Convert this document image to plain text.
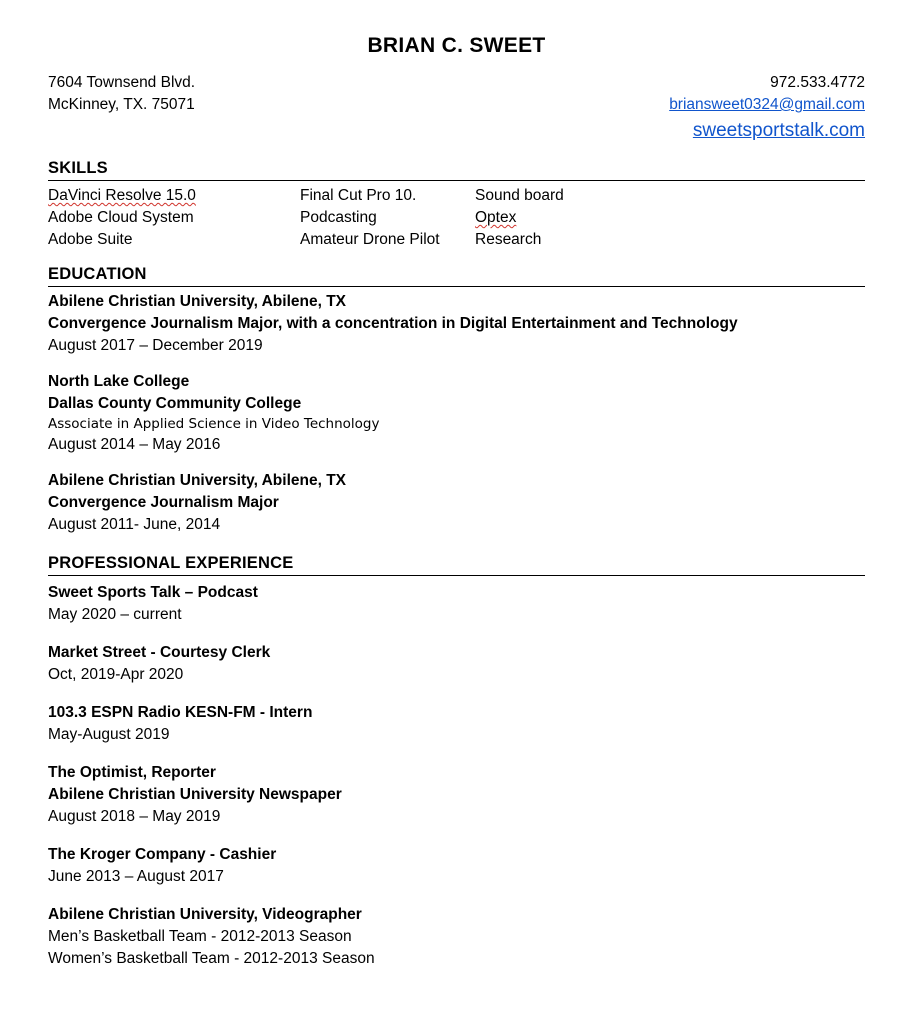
BRIAN C. SWEET
7604 Townsend Blvd.
McKinney, TX. 75071
972.533.4772
briansweet0324@gmail.com
sweetsportstalk.com
SKILLS
DaVinci Resolve 15.0	Final Cut Pro 10.	Sound board
Adobe Cloud System	Podcasting	Optex
Adobe Suite	Amateur Drone Pilot	Research
EDUCATION
Abilene Christian University, Abilene, TX
Convergence Journalism Major, with a concentration in Digital Entertainment and Technology
August 2017 – December 2019
North Lake College
Dallas County Community College
Associate in Applied Science in Video Technology
August 2014 – May 2016
Abilene Christian University, Abilene, TX
Convergence Journalism Major
August 2011- June, 2014
PROFESSIONAL EXPERIENCE
Sweet Sports Talk – Podcast
May 2020 – current
Market Street - Courtesy Clerk
Oct, 2019-Apr 2020
103.3 ESPN Radio KESN-FM - Intern
May-August 2019
The Optimist, Reporter
Abilene Christian University Newspaper
August 2018 – May 2019
The Kroger Company - Cashier
June 2013 – August 2017
Abilene Christian University, Videographer
Men’s Basketball Team - 2012-2013 Season
Women’s Basketball Team - 2012-2013 Season
